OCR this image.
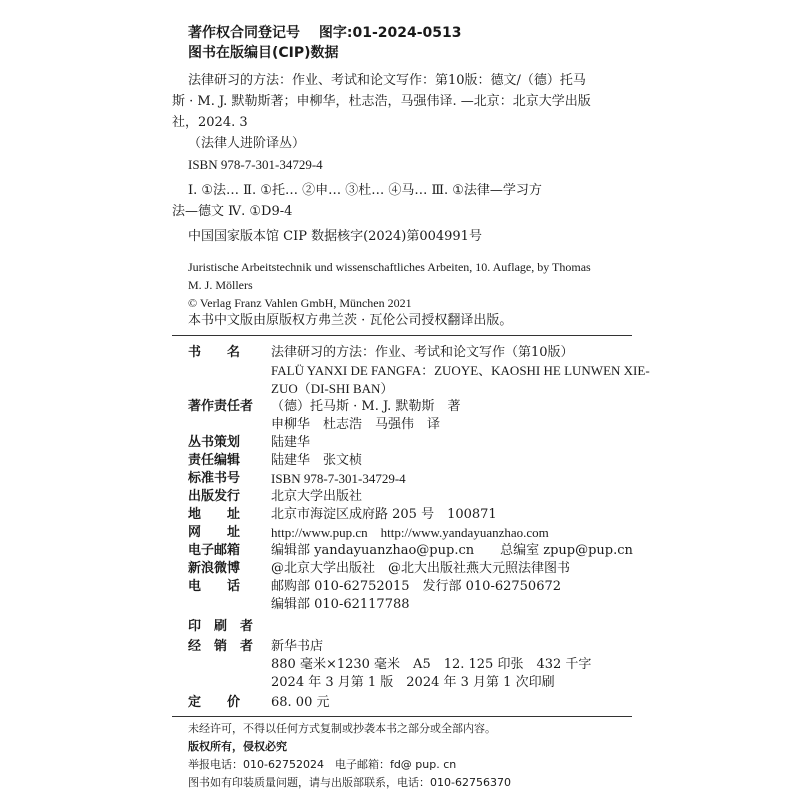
著作权合同登记号 图字:01-2024-0513
图书在版编目(CIP)数据
法律研习的方法：作业、考试和论文写作：第10版：德文/（德）托马
斯 · M. J. 默勒斯著；申柳华，杜志浩，马强伟译. —北京：北京大学出版
社，2024. 3
（法律人进阶译丛）
ISBN 978-7-301-34729-4
Ⅰ. ①法… Ⅱ. ①托… ②申… ③杜… ④马… Ⅲ. ①法律—学习方
法—德文 Ⅳ. ①D9-4
中国国家版本馆 CIP 数据核字(2024)第004991号
Juristische Arbeitstechnik und wissenschaftliches Arbeiten, 10. Auflage, by Thomas
M. J. Möllers
© Verlag Franz Vahlen GmbH, München 2021
本书中文版由原版权方弗兰茨 · 瓦伦公司授权翻译出版。
书　　名	法律研习的方法：作业、考试和论文写作（第10版）
FALÜ YANXI DE FANGFA：ZUOYE、KAOSHI HE LUNWEN XIE-
ZUO（DI-SHI BAN）
著作责任者	（德）托马斯 · M. J. 默勒斯　著
申柳华　杜志浩　马强伟　译
丛书策划	陆建华
责任编辑	陆建华　张文桢
标准书号	ISBN 978-7-301-34729-4
出版发行	北京大学出版社
地　　址	北京市海淀区成府路 205 号　100871
网　　址	http://www.pup.cn　http://www.yandayuanzhao.com
电子邮箱	编辑部 yandayuanzhao@pup.cn　　总编室 zpup@pup.cn
新浪微博	@北京大学出版社　@北大出版社燕大元照法律图书
电　　话	邮购部 010-62752015　发行部 010-62750672
编辑部 010-62117788
印　刷　者
经　销　者	新华书店
880 毫米×1230 毫米　A5　12. 125 印张　432 千字
2024 年 3 月第 1 版　2024 年 3 月第 1 次印刷
定　　价	68. 00 元
未经许可，不得以任何方式复制或抄袭本书之部分或全部内容。
版权所有，侵权必究
举报电话：010-62752024　电子邮箱：fd@ pup. cn
图书如有印装质量问题，请与出版部联系，电话：010-62756370
